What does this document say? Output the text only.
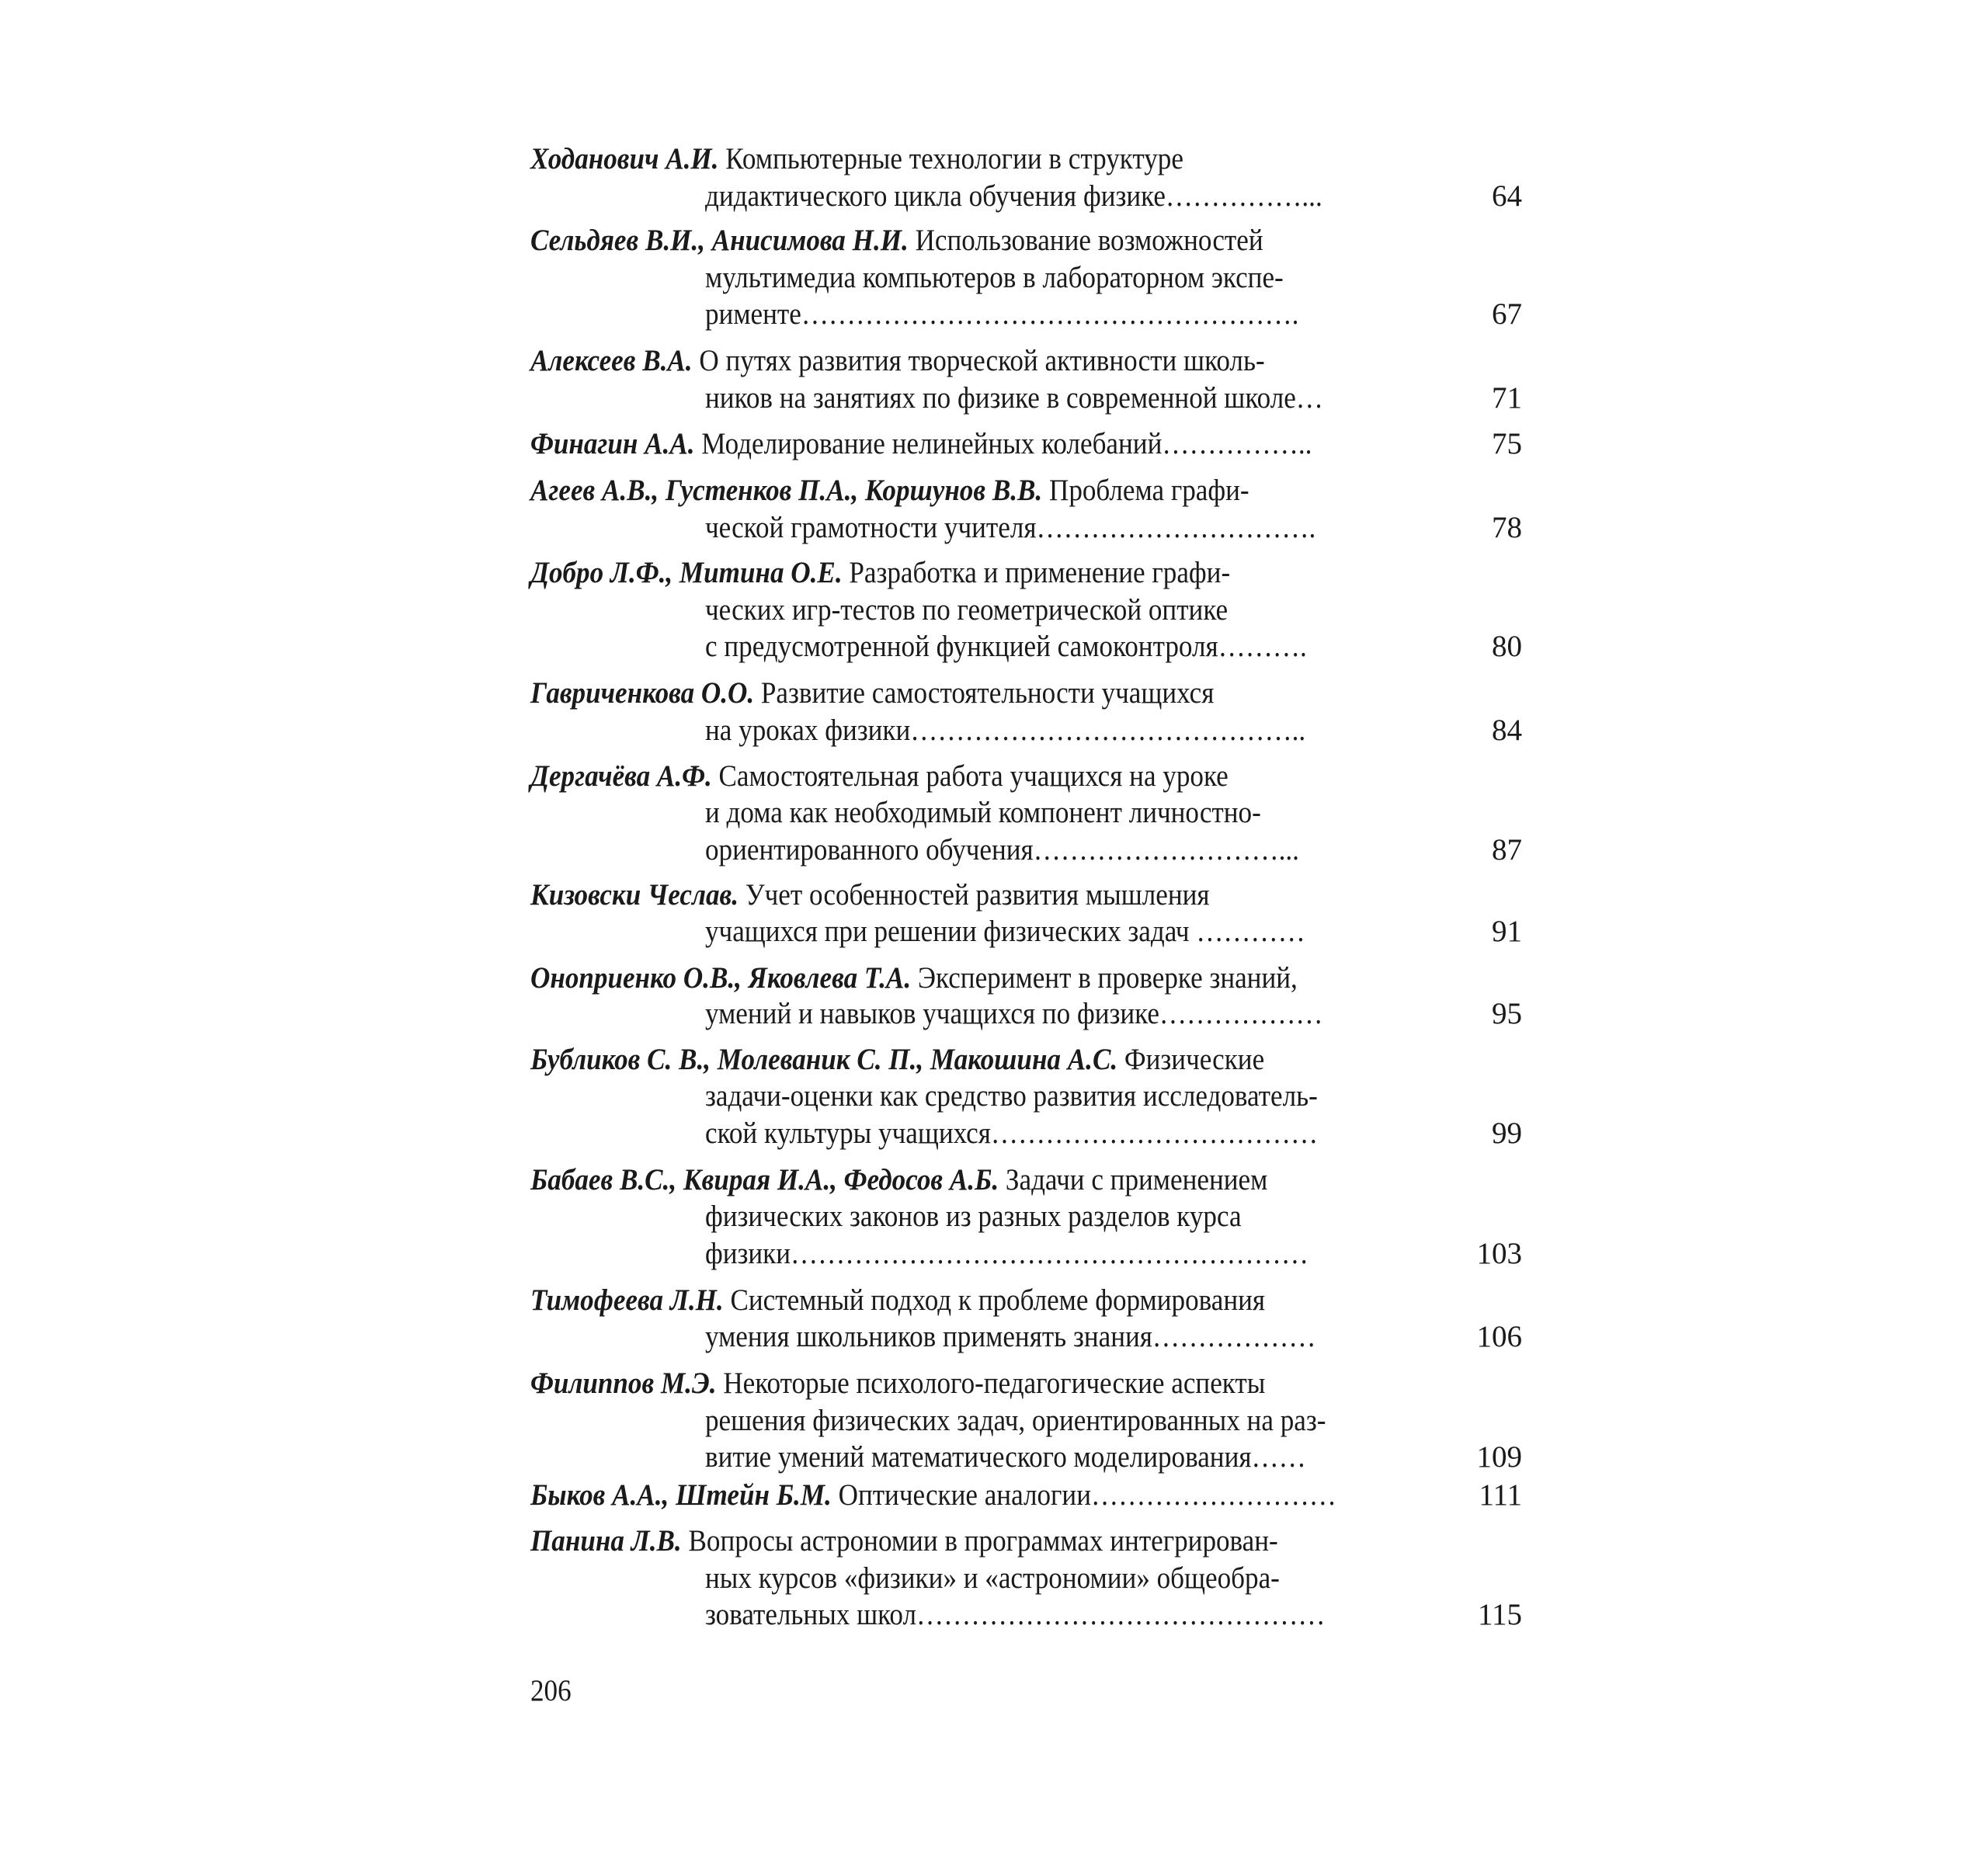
Ходанович А.И. Компьютерные технологии в структуре
дидактического цикла обучения физике……………...	64
Сельдяев В.И., Анисимова Н.И. Использование возможностей
мультимедиа компьютеров в лабораторном экспе-
рименте……………………………………………….	67
Алексеев В.А. О путях развития творческой активности школь-
ников на занятиях по физике в современной школе…	71
Финагин А.А. Моделирование нелинейных колебаний……………..	75
Агеев А.В., Густенков П.А., Коршунов В.В. Проблема графи-
ческой грамотности учителя………………………….	78
Добро Л.Ф., Митина О.Е. Разработка и применение графи-
ческих игр-тестов по геометрической оптике
с предусмотренной функцией самоконтроля……….	80
Гавриченкова О.О. Развитие самостоятельности учащихся
на уроках физики……………………………………..	84
Дергачёва А.Ф. Самостоятельная работа учащихся на уроке
и дома как необходимый компонент личностно-
ориентированного обучения………………………...	87
Кизовски Чеслав. Учет особенностей развития мышления
учащихся при решении физических задач …………	91
Оноприенко О.В., Яковлева Т.А. Эксперимент в проверке знаний,
умений и навыков учащихся по физике………………	95
Бубликов С. В., Молеваник С. П., Макошина А.С. Физические
задачи-оценки как средство развития исследователь-
ской культуры учащихся………………………………	99
Бабаев В.С., Квирая И.А., Федосов А.Б. Задачи с применением
физических законов из разных разделов курса
физики…………………………………………………	103
Тимофеева Л.Н. Системный подход к проблеме формирования
умения школьников применять знания………………	106
Филиппов М.Э. Некоторые психолого-педагогические аспекты
решения физических задач, ориентированных на раз-
витие умений математического моделирования……	109
Быков А.А., Штейн Б.М. Оптические аналогии………………………	111
Панина Л.В. Вопросы астрономии в программах интегрирован-
ных курсов «физики» и «астрономии» общеобра-
зовательных школ………………………………………	115
206
